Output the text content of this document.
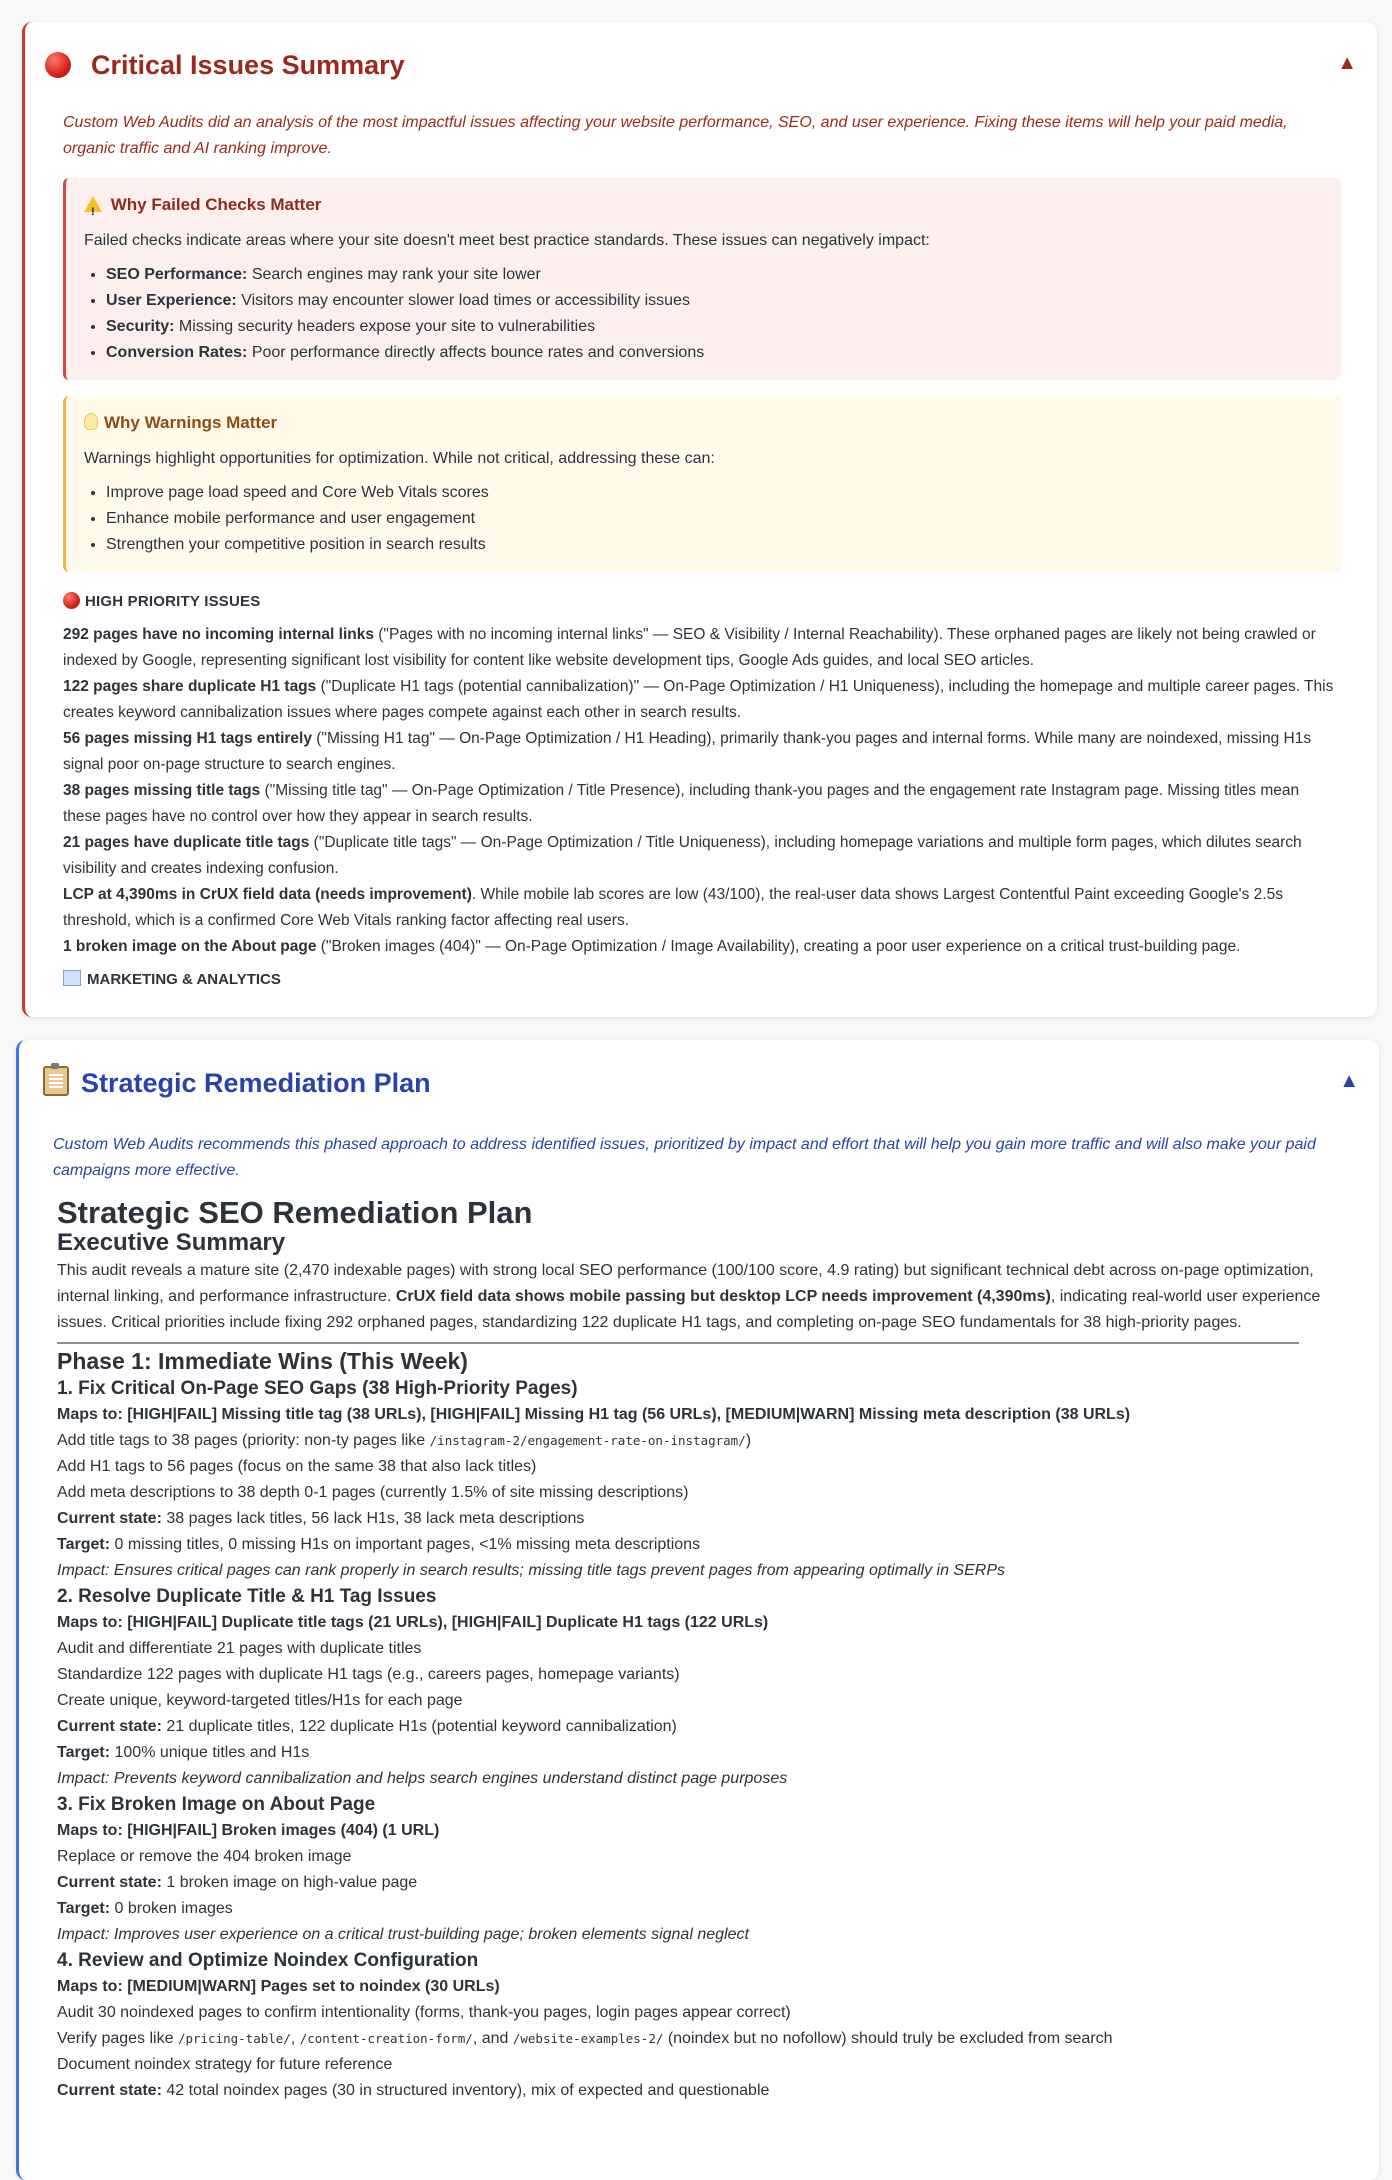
Critical Issues Summary	▲
Custom Web Audits did an analysis of the most impactful issues affecting your website performance, SEO, and user experience. Fixing these items will help your paid media, organic traffic and AI ranking improve.
! Why Failed Checks Matter

Failed checks indicate areas where your site doesn't meet best practice standards. These issues can negatively impact:

• SEO Performance: Search engines may rank your site lower
• User Experience: Visitors may encounter slower load times or accessibility issues
• Security: Missing security headers expose your site to vulnerabilities
• Conversion Rates: Poor performance directly affects bounce rates and conversions
Why Warnings Matter

Warnings highlight opportunities for optimization. While not critical, addressing these can:

• Improve page load speed and Core Web Vitals scores
• Enhance mobile performance and user engagement
• Strengthen your competitive position in search results
HIGH PRIORITY ISSUES

292 pages have no incoming internal links ("Pages with no incoming internal links" — SEO & Visibility / Internal Reachability). These orphaned pages are likely not being crawled or indexed by Google, representing significant lost visibility for content like website development tips, Google Ads guides, and local SEO articles.

122 pages share duplicate H1 tags ("Duplicate H1 tags (potential cannibalization)" — On-Page Optimization / H1 Uniqueness), including the homepage and multiple career pages. This creates keyword cannibalization issues where pages compete against each other in search results.

56 pages missing H1 tags entirely ("Missing H1 tag" — On-Page Optimization / H1 Heading), primarily thank-you pages and internal forms. While many are noindexed, missing H1s signal poor on-page structure to search engines.

38 pages missing title tags ("Missing title tag" — On-Page Optimization / Title Presence), including thank-you pages and the engagement rate Instagram page. Missing titles mean these pages have no control over how they appear in search results.

21 pages have duplicate title tags ("Duplicate title tags" — On-Page Optimization / Title Uniqueness), including homepage variations and multiple form pages, which dilutes search visibility and creates indexing confusion.

LCP at 4,390ms in CrUX field data (needs improvement). While mobile lab scores are low (43/100), the real-user data shows Largest Contentful Paint exceeding Google's 2.5s threshold, which is a confirmed Core Web Vitals ranking factor affecting real users.

1 broken image on the About page ("Broken images (404)" — On-Page Optimization / Image Availability), creating a poor user experience on a critical trust-building page.

MARKETING & ANALYTICS
Strategic Remediation Plan	▲
Custom Web Audits recommends this phased approach to address identified issues, prioritized by impact and effort that will help you gain more traffic and will also make your paid campaigns more effective.
Strategic SEO Remediation Plan
Executive Summary

This audit reveals a mature site (2,470 indexable pages) with strong local SEO performance (100/100 score, 4.9 rating) but significant technical debt across on-page optimization, internal linking, and performance infrastructure. CrUX field data shows mobile passing but desktop LCP needs improvement (4,390ms), indicating real-world user experience issues. Critical priorities include fixing 292 orphaned pages, standardizing 122 duplicate H1 tags, and completing on-page SEO fundamentals for 38 high-priority pages.

Phase 1: Immediate Wins (This Week)
1. Fix Critical On-Page SEO Gaps (38 High-Priority Pages)

Maps to: [HIGH|FAIL] Missing title tag (38 URLs), [HIGH|FAIL] Missing H1 tag (56 URLs), [MEDIUM|WARN] Missing meta description (38 URLs)

Add title tags to 38 pages (priority: non-ty pages like /instagram-2/engagement-rate-on-instagram/)

Add H1 tags to 56 pages (focus on the same 38 that also lack titles)

Add meta descriptions to 38 depth 0-1 pages (currently 1.5% of site missing descriptions)

Current state: 38 pages lack titles, 56 lack H1s, 38 lack meta descriptions

Target: 0 missing titles, 0 missing H1s on important pages, <1% missing meta descriptions

Impact: Ensures critical pages can rank properly in search results; missing title tags prevent pages from appearing optimally in SERPs

2. Resolve Duplicate Title & H1 Tag Issues

Maps to: [HIGH|FAIL] Duplicate title tags (21 URLs), [HIGH|FAIL] Duplicate H1 tags (122 URLs)

Audit and differentiate 21 pages with duplicate titles

Standardize 122 pages with duplicate H1 tags (e.g., careers pages, homepage variants)

Create unique, keyword-targeted titles/H1s for each page

Current state: 21 duplicate titles, 122 duplicate H1s (potential keyword cannibalization)

Target: 100% unique titles and H1s

Impact: Prevents keyword cannibalization and helps search engines understand distinct page purposes

3. Fix Broken Image on About Page

Maps to: [HIGH|FAIL] Broken images (404) (1 URL)

Replace or remove the 404 broken image

Current state: 1 broken image on high-value page

Target: 0 broken images

Impact: Improves user experience on a critical trust-building page; broken elements signal neglect

4. Review and Optimize Noindex Configuration

Maps to: [MEDIUM|WARN] Pages set to noindex (30 URLs)

Audit 30 noindexed pages to confirm intentionality (forms, thank-you pages, login pages appear correct)

Verify pages like /pricing-table/, /content-creation-form/, and /website-examples-2/ (noindex but no nofollow) should truly be excluded from search

Document noindex strategy for future reference

Current state: 42 total noindex pages (30 in structured inventory), mix of expected and questionable
